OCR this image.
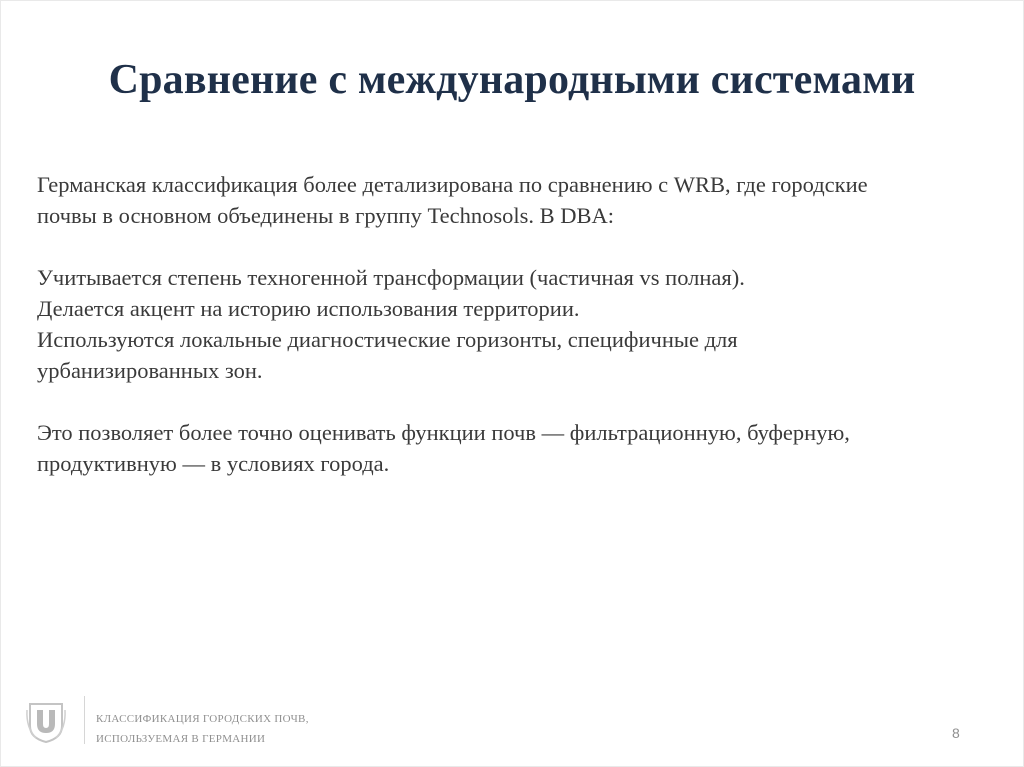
Сравнение с международными системами

Германская классификация более детализирована по сравнению с WRB, где городские

почвы в основном объединены в группу Technosols. В DBA:

Учитывается степень техногенной трансформации (частичная vs полная).

Делается акцент на историю использования территории.

Используются локальные диагностические горизонты, специфичные для

урбанизированных зон.

Это позволяет более точно оценивать функции почв — фильтрационную, буферную,

продуктивную — в условиях города.

КЛАССИФИКАЦИЯ ГОРОДСКИХ ПОЧВ,
ИСПОЛЬЗУЕМАЯ В ГЕРМАНИИ	8
